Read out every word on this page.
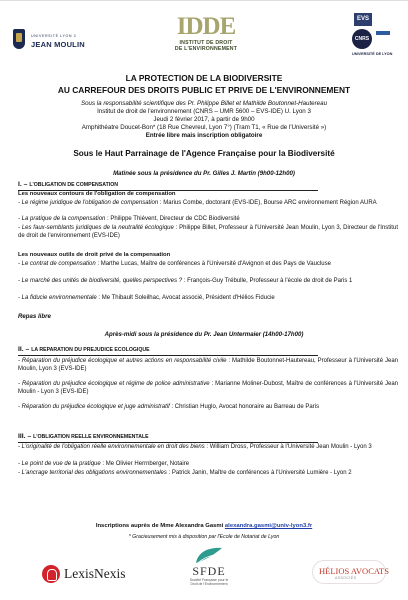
UNIVERSITÉ LYON 3
JEAN MOULIN
IDDE
INSTITUT DE DROIT
DE L'ENVIRONNEMENT
EVS
CNRS
UNIVERSITÉ DE LYON
LA PROTECTION DE LA BIODIVERSITE
AU CARREFOUR DES DROITS PUBLIC ET PRIVE DE L'ENVIRONNEMENT
Sous la responsabilité scientifique des Pr. Philippe Billet et Mathilde Boutonnet-Hautereau
Institut de droit de l'environnement (CNRS – UMR 5600 – EVS-IDE) U. Lyon 3
Jeudi 2 février 2017, à partir de 9h00
Amphithéatre Doucet-Bon* (18 Rue Chevreul, Lyon 7°) (Tram T1, « Rue de l'Université »)
Entrée libre mais inscription obligatoire
Sous le Haut Parrainage de l'Agence Française pour la Biodiversité
Matinée sous la présidence du Pr. Gilles J. Martin (9h00-12h00)
I. – L'OBLIGATION DE COMPENSATION
Les nouveaux contours de l'obligation de compensation
- Le régime juridique de l'obligation de compensation : Marius Combe, doctorant (EVS-IDE), Bourse ARC environnement Région AURA
- La pratique de la compensation : Philippe Thiévent, Directeur de CDC Biodiversité
- Les faux-semblants juridiques de la neutralité écologique : Philippe Billet, Professeur à l'Université Jean Moulin, Lyon 3, Directeur de l'Institut de droit de l'environnement (EVS-IDE)
Les nouveaux outils de droit privé de la compensation
- Le contrat de compensation : Marthe Lucas, Maître de conférences à l'Université d'Avignon et des Pays de Vaucluse
- Le marché des unités de biodiversité, quelles perspectives ? : François-Guy Trébulle, Professeur à l'école de droit de Paris 1
- La fiducie environnementale : Me Thibault Soleilhac, Avocat associé, Président d'Hélios Fiducie
Repas libre
Après-midi sous la présidence du Pr. Jean Untermaier (14h00-17h00)
II. – LA REPARATION DU PREJUDICE ECOLOGIQUE
- Réparation du préjudice écologique et autres actions en responsabilité civile : Mathilde Boutonnet-Hautereau, Professeur à l'Université Jean Moulin, Lyon 3 (EVS-IDE)
- Réparation du préjudice écologique et régime de police administrative : Marianne Moliner-Dubost, Maître de conférences à l'Université Jean Moulin - Lyon 3 (EVS-IDE)
- Réparation du préjudice écologique et juge administratif : Christian Huglo, Avocat honoraire au Barreau de Paris
III. – L'OBLIGATION REELLE ENVIRONNEMENTALE
- L'originalité de l'obligation réelle environnementale en droit des biens : William Dross, Professeur à l'Université Jean Moulin - Lyon 3
- Le point de vue de la pratique : Me Olivier Herrnberger, Notaire
- L'ancrage territorial des obligations environnementales : Patrick Janin, Maître de conférences à l'Université Lumière - Lyon 2
Inscriptions auprès de Mme Alexandra Gasmi alexandra.gasmi@univ-lyon3.fr
* Gracieusement mis à disposition par l'Ecole de Notariat de Lyon
LexisNexis	SFDE
Société Française pour le
Droit de l'Environnement
HÉLIOS AVOCATS
ASSOCIÉS
